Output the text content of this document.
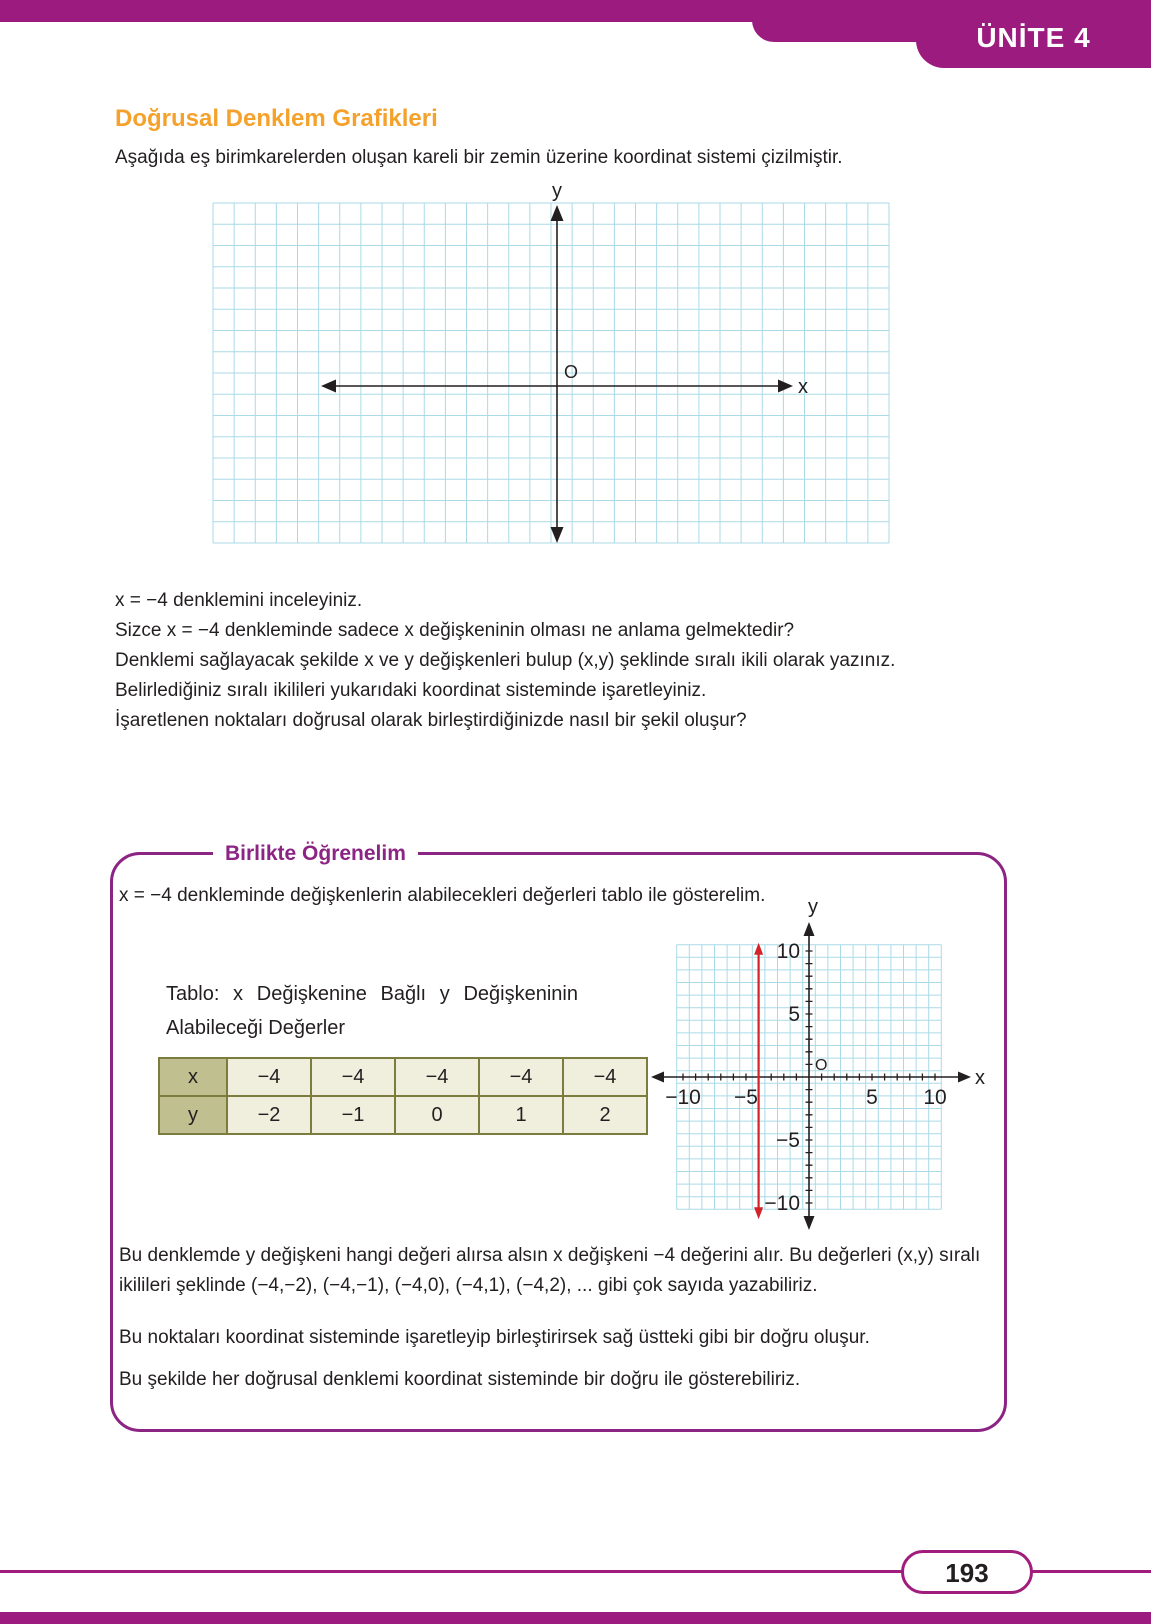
ÜNİTE 4
Doğrusal Denklem Grafikleri

Aşağıda eş birimkarelerden oluşan kareli bir zemin üzerine koordinat sistemi çizilmiştir.

y
x
O

x = −4 denklemini inceleyiniz.

Sizce x = −4 denkleminde sadece x değişkeninin olması ne anlama gelmektedir?

Denklemi sağlayacak şekilde x ve y değişkenleri bulup (x,y) şeklinde sıralı ikili olarak yazınız.

Belirlediğiniz sıralı ikilileri yukarıdaki koordinat sisteminde işaretleyiniz.

İşaretlenen noktaları doğrusal olarak birleştirdiğinizde nasıl bir şekil oluşur?

Birlikte Öğrenelim

x = −4 denkleminde değişkenlerin alabilecekleri değerleri tablo ile gösterelim.

Tablo: x Değişkenine Bağlı y Değişkeninin
Alabileceği Değerler

x	−4	−4	−4	−4	−4
y	−2	−1	0	1	2
−10 −5	5 10
10
5
−5
−10
y
x
O

Bu denklemde y değişkeni hangi değeri alırsa alsın x değişkeni −4 değerini alır. Bu değerleri (x,y) sıralı ikilileri şeklinde (−4,−2), (−4,−1), (−4,0), (−4,1), (−4,2), ... gibi çok sayıda yazabiliriz.

Bu noktaları koordinat sisteminde işaretleyip birleştirirsek sağ üstteki gibi bir doğru oluşur.

Bu şekilde her doğrusal denklemi koordinat sisteminde bir doğru ile gösterebiliriz.

193
